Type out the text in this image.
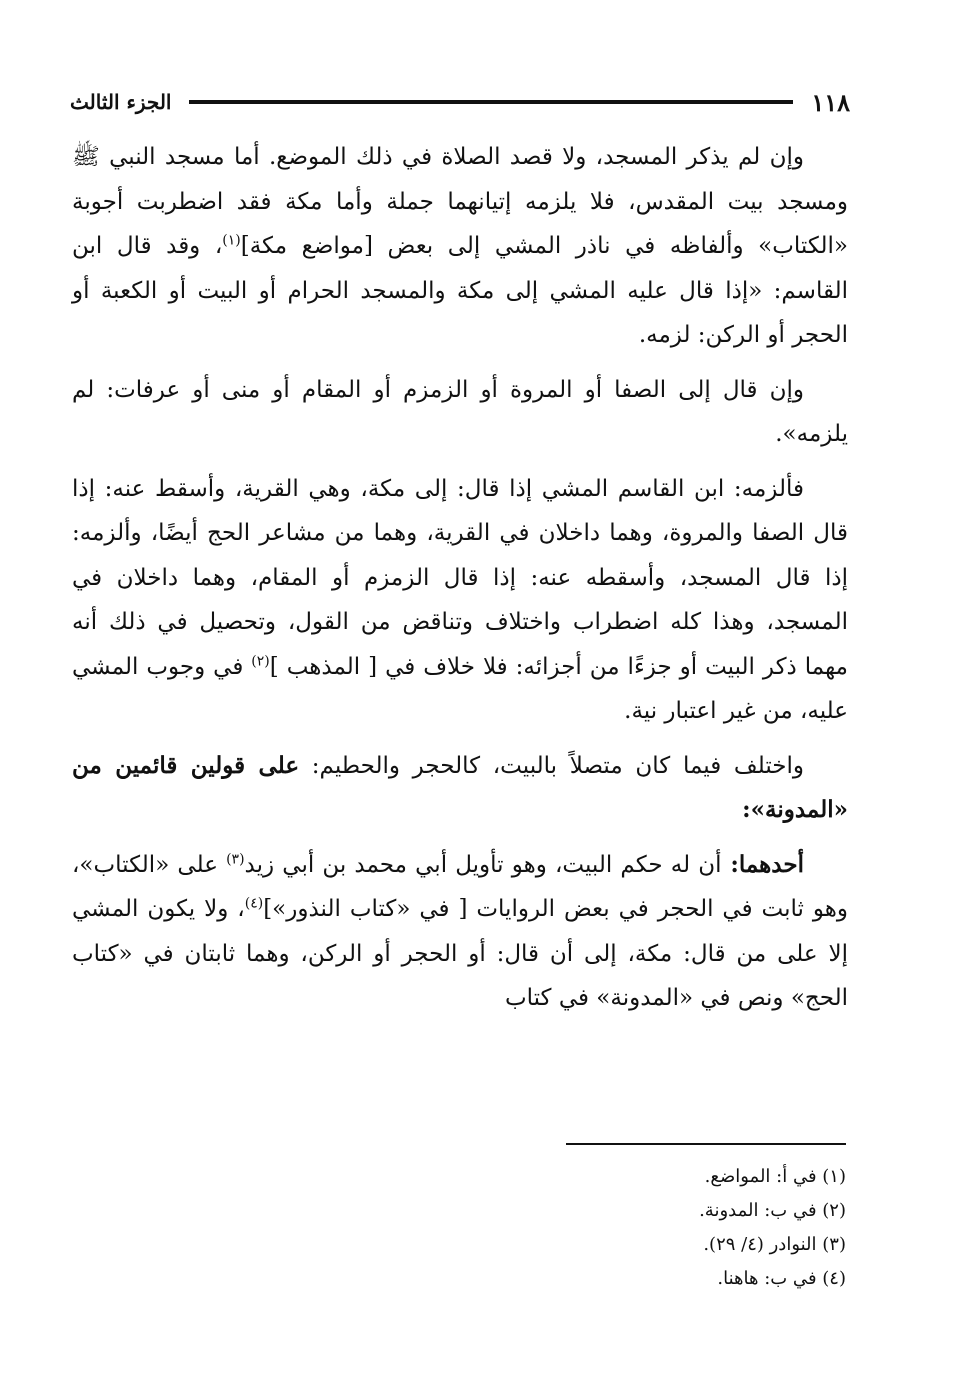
١١٨
الجزء الثالث

وإن لم يذكر المسجد، ولا قصد الصلاة في ذلك الموضع. أما مسجد النبي ﷺ ومسجد بيت المقدس، فلا يلزمه إتيانهما جملة وأما مكة فقد اضطربت أجوبة «الكتاب» وألفاظه في ناذر المشي إلى بعض [مواضع مكة]$^{(١)}$، وقد قال ابن القاسم: «إذا قال عليه المشي إلى مكة والمسجد الحرام أو البيت أو الكعبة أو الحجر أو الركن: لزمه.

وإن قال إلى الصفا أو المروة أو الزمزم أو المقام أو منى أو عرفات: لم يلزمه».

فألزمه: ابن القاسم المشي إذا قال: إلى مكة، وهي القرية، وأسقط عنه: إذا قال الصفا والمروة، وهما داخلان في القرية، وهما من مشاعر الحج أيضًا، وألزمه: إذا قال المسجد، وأسقطه عنه: إذا قال الزمزم أو المقام، وهما داخلان في المسجد، وهذا كله اضطراب واختلاف وتناقض من القول، وتحصيل في ذلك أنه مهما ذكر البيت أو جزءًا من أجزائه: فلا خلاف في [ المذهب ]$^{(٢)}$ في وجوب المشي عليه، من غير اعتبار نية.

واختلف فيما كان متصلاً بالبيت، كالحجر والحطيم: على قولين قائمين من «المدونة»:

أحدهما: أن له حكم البيت، وهو تأويل أبي محمد بن أبي زيد$^{(٣)}$ على «الكتاب»، وهو ثابت في الحجر في بعض الروايات [ في «كتاب النذور»]$^{(٤)}$، ولا يكون المشي إلا على من قال: مكة، إلى أن قال: أو الحجر أو الركن، وهما ثابتان في «كتاب الحج» ونص في «المدونة» في كتاب

(١) في أ: المواضع.

(٢) في ب: المدونة.

(٣) النوادر (٤/ ٢٩).

(٤) في ب: هاهنا.
